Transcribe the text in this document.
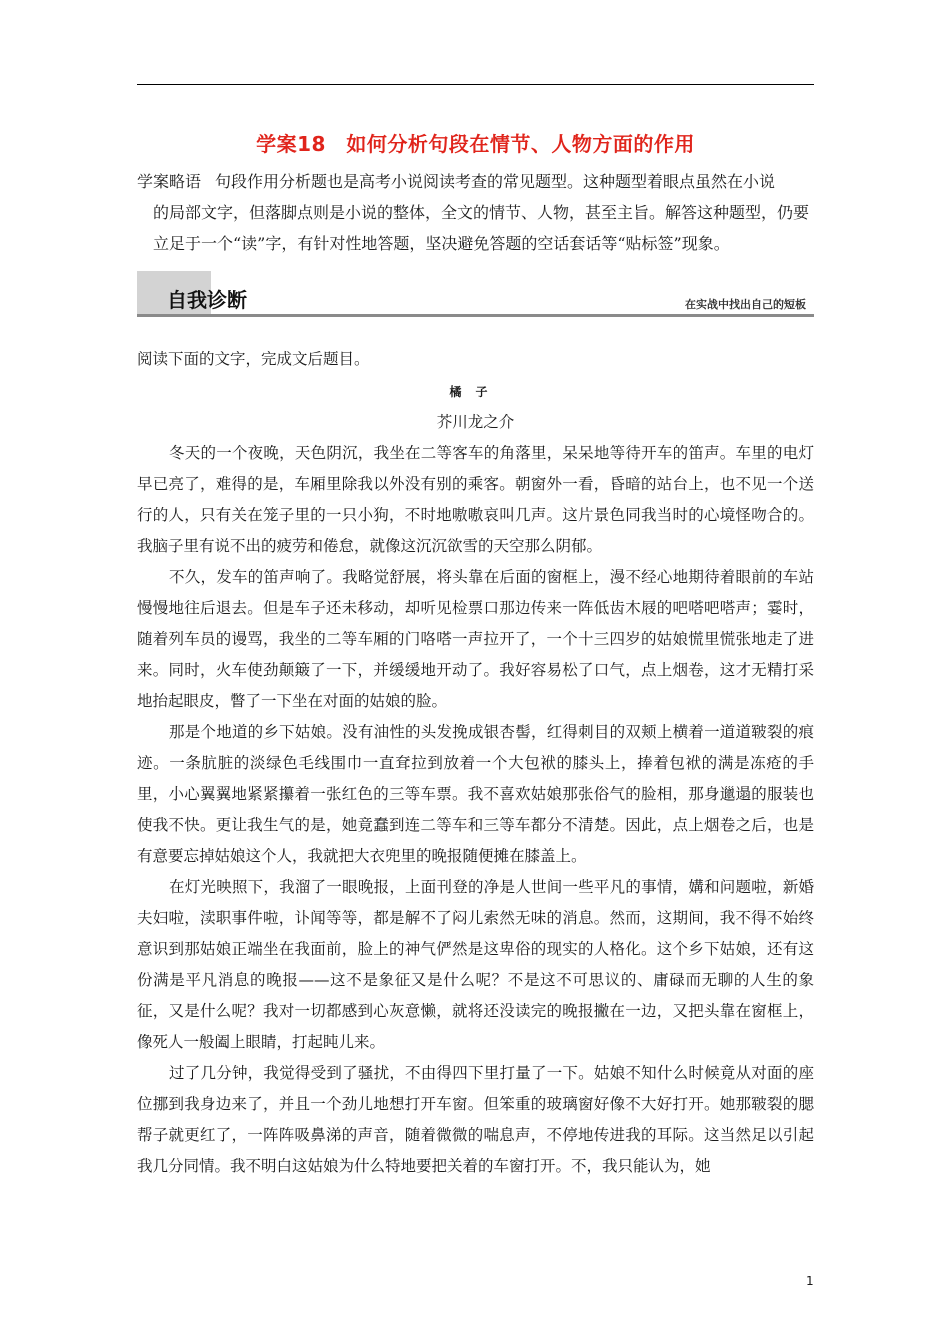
学案18　如何分析句段在情节、人物方面的作用
学案略语 句段作用分析题也是高考小说阅读考查的常见题型。这种题型着眼点虽然在小说
的局部文字，但落脚点则是小说的整体，全文的情节、人物，甚至主旨。解答这种题型，仍要立足于一个“读”字，有针对性地答题，坚决避免答题的空话套话等“贴标签”现象。
自我诊断	在实战中找出自己的短板
阅读下面的文字，完成文后题目。
橘子
芥川龙之介

冬天的一个夜晚，天色阴沉，我坐在二等客车的角落里，呆呆地等待开车的笛声。车里的电灯早已亮了，难得的是，车厢里除我以外没有别的乘客。朝窗外一看，昏暗的站台上，也不见一个送行的人，只有关在笼子里的一只小狗，不时地嗷嗷哀叫几声。这片景色同我当时的心境怪吻合的。我脑子里有说不出的疲劳和倦怠，就像这沉沉欲雪的天空那么阴郁。

不久，发车的笛声响了。我略觉舒展，将头靠在后面的窗框上，漫不经心地期待着眼前的车站慢慢地往后退去。但是车子还未移动，却听见检票口那边传来一阵低齿木屐的吧嗒吧嗒声；霎时，随着列车员的谩骂，我坐的二等车厢的门咯嗒一声拉开了，一个十三四岁的姑娘慌里慌张地走了进来。同时，火车使劲颠簸了一下，并缓缓地开动了。我好容易松了口气，点上烟卷，这才无精打采地抬起眼皮，瞥了一下坐在对面的姑娘的脸。

那是个地道的乡下姑娘。没有油性的头发挽成银杏髻，红得刺目的双颊上横着一道道皲裂的痕迹。一条肮脏的淡绿色毛线围巾一直耷拉到放着一个大包袱的膝头上，捧着包袱的满是冻疮的手里，小心翼翼地紧紧攥着一张红色的三等车票。我不喜欢姑娘那张俗气的脸相，那身邋遢的服装也使我不快。更让我生气的是，她竟蠢到连二等车和三等车都分不清楚。因此，点上烟卷之后，也是有意要忘掉姑娘这个人，我就把大衣兜里的晚报随便摊在膝盖上。

在灯光映照下，我溜了一眼晚报，上面刊登的净是人世间一些平凡的事情，媾和问题啦，新婚夫妇啦，渎职事件啦，讣闻等等，都是解不了闷儿索然无味的消息。然而，这期间，我不得不始终意识到那姑娘正端坐在我面前，脸上的神气俨然是这卑俗的现实的人格化。这个乡下姑娘，还有这份满是平凡消息的晚报——这不是象征又是什么呢？不是这不可思议的、庸碌而无聊的人生的象征，又是什么呢？我对一切都感到心灰意懒，就将还没读完的晚报撇在一边，又把头靠在窗框上，像死人一般阖上眼睛，打起盹儿来。

过了几分钟，我觉得受到了骚扰，不由得四下里打量了一下。姑娘不知什么时候竟从对面的座位挪到我身边来了，并且一个劲儿地想打开车窗。但笨重的玻璃窗好像不大好打开。她那皲裂的腮帮子就更红了，一阵阵吸鼻涕的声音，随着微微的喘息声，不停地传进我的耳际。这当然足以引起我几分同情。我不明白这姑娘为什么特地要把关着的车窗打开。不，我只能认为，她

1
